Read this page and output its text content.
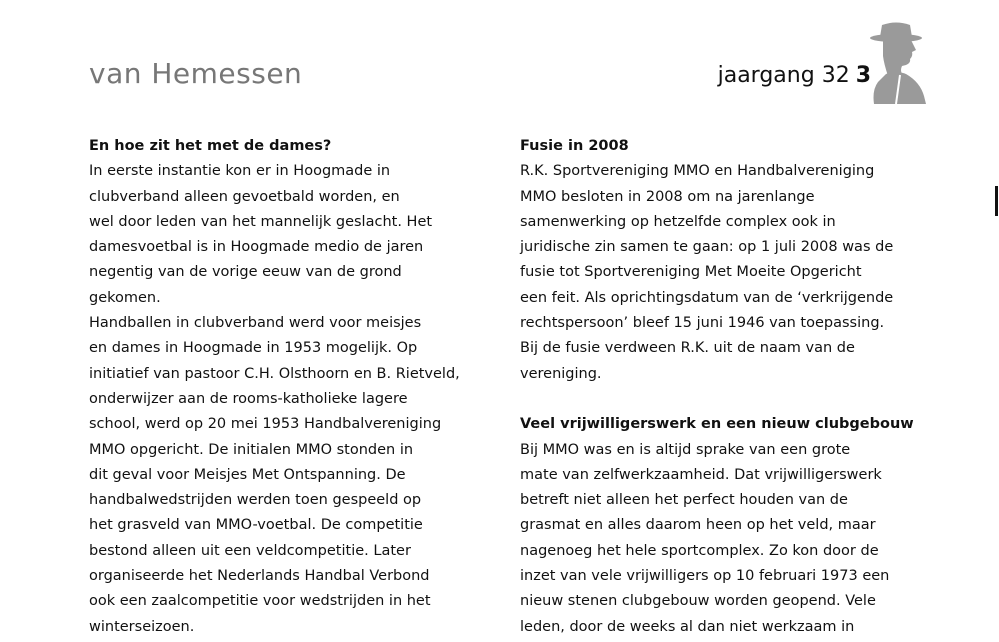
van Hemessen	jaargang 32 3
En hoe zit het met de dames?
In eerste instantie kon er in Hoogmade in
clubverband alleen gevoetbald worden, en
wel door leden van het mannelijk geslacht. Het
damesvoetbal is in Hoogmade medio de jaren
negentig van de vorige eeuw van de grond
gekomen.
Handballen in clubverband werd voor meisjes
en dames in Hoogmade in 1953 mogelijk. Op
initiatief van pastoor C.H. Olsthoorn en B. Rietveld,
onderwijzer aan de rooms-katholieke lagere
school, werd op 20 mei 1953 Handbalvereniging
MMO opgericht. De initialen MMO stonden in
dit geval voor Meisjes Met Ontspanning. De
handbalwedstrijden werden toen gespeeld op
het grasveld van MMO-voetbal. De competitie
bestond alleen uit een veldcompetitie. Later
organiseerde het Nederlands Handbal Verbond
ook een zaalcompetitie voor wedstrijden in het
winterseizoen.
Fusie in 2008
R.K. Sportvereniging MMO en Handbalvereniging
MMO besloten in 2008 om na jarenlange
samenwerking op hetzelfde complex ook in
juridische zin samen te gaan: op 1 juli 2008 was de
fusie tot Sportvereniging Met Moeite Opgericht
een feit. Als oprichtingsdatum van de ‘verkrijgende
rechtspersoon’ bleef 15 juni 1946 van toepassing.
Bij de fusie verdween R.K. uit de naam van de
vereniging.
Veel vrijwilligerswerk en een nieuw clubgebouw
Bij MMO was en is altijd sprake van een grote
mate van zelfwerkzaamheid. Dat vrijwilligerswerk
betreft niet alleen het perfect houden van de
grasmat en alles daarom heen op het veld, maar
nagenoeg het hele sportcomplex. Zo kon door de
inzet van vele vrijwilligers op 10 februari 1973 een
nieuw stenen clubgebouw worden geopend. Vele
leden, door de weeks al dan niet werkzaam in
